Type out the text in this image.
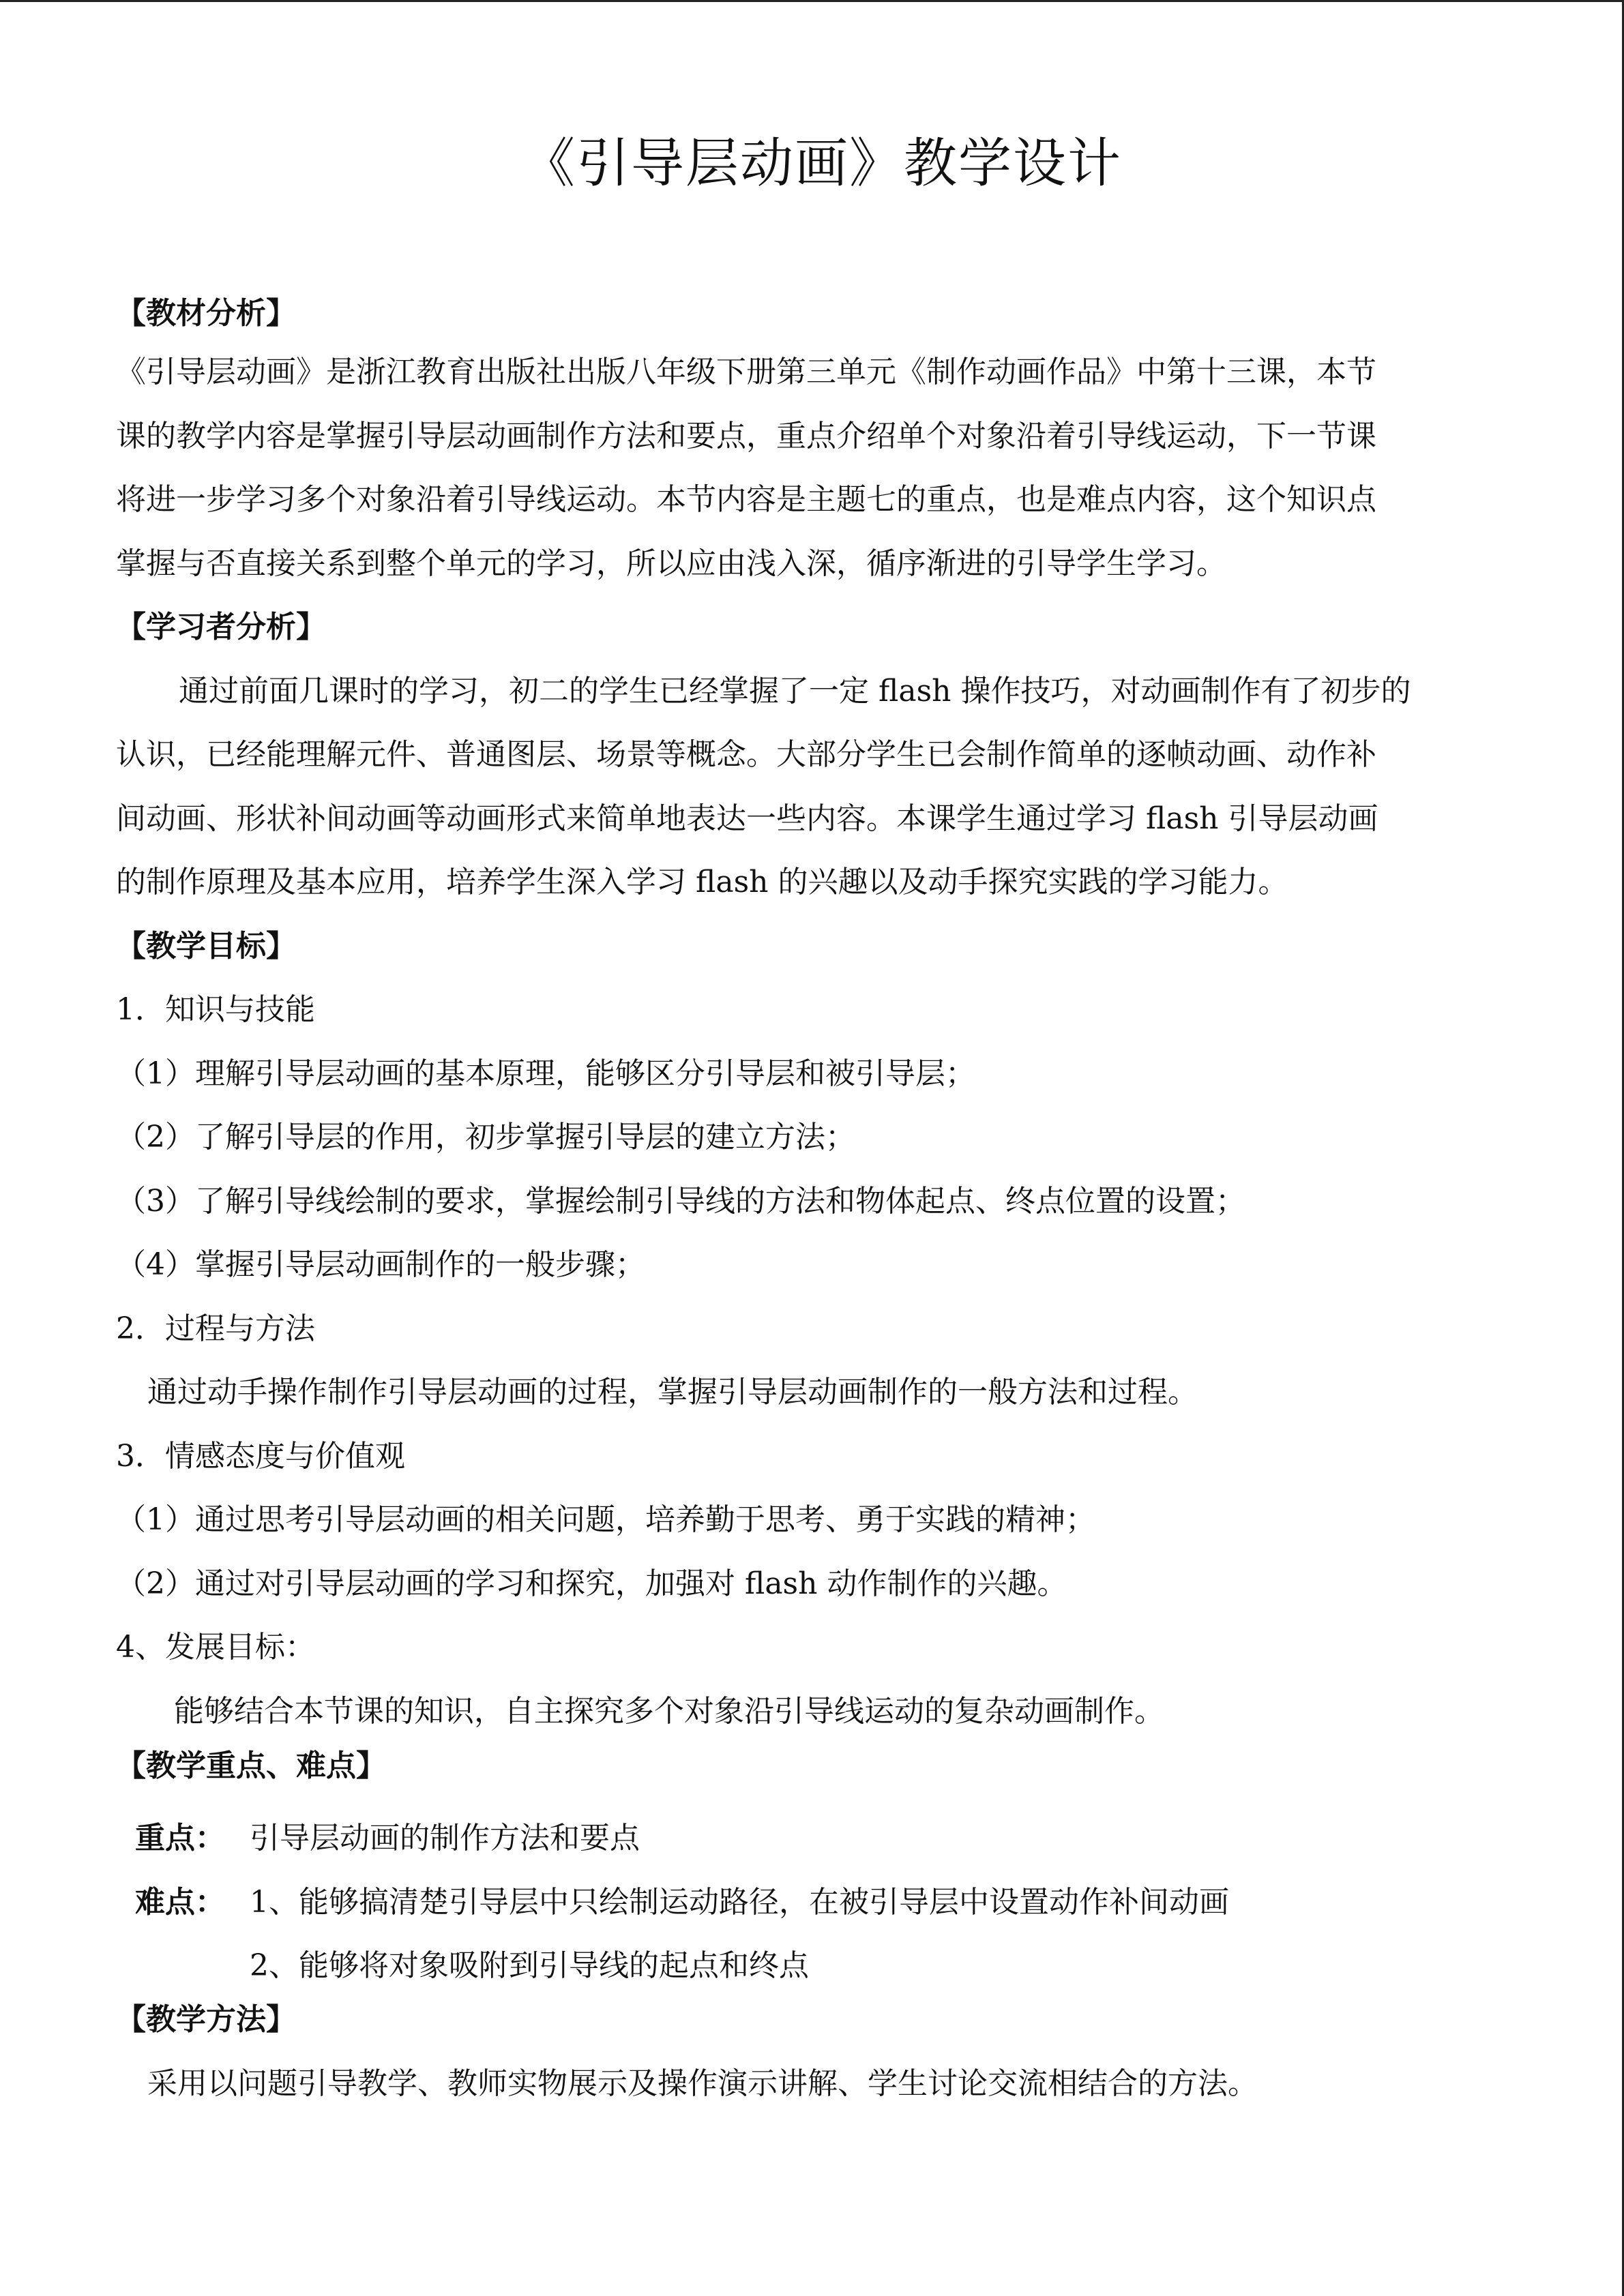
《引导层动画》教学设计
【教材分析】
《引导层动画》是浙江教育出版社出版八年级下册第三单元《制作动画作品》中第十三课，本节
课的教学内容是掌握引导层动画制作方法和要点，重点介绍单个对象沿着引导线运动，下一节课
将进一步学习多个对象沿着引导线运动。本节内容是主题七的重点，也是难点内容，这个知识点
掌握与否直接关系到整个单元的学习，所以应由浅入深，循序渐进的引导学生学习。
【学习者分析】
通过前面几课时的学习，初二的学生已经掌握了一定 flash 操作技巧，对动画制作有了初步的
认识，已经能理解元件、普通图层、场景等概念。大部分学生已会制作简单的逐帧动画、动作补
间动画、形状补间动画等动画形式来简单地表达一些内容。本课学生通过学习 flash 引导层动画
的制作原理及基本应用，培养学生深入学习 flash 的兴趣以及动手探究实践的学习能力。
【教学目标】
1．知识与技能
（1）理解引导层动画的基本原理，能够区分引导层和被引导层；
（2）了解引导层的作用，初步掌握引导层的建立方法；
（3）了解引导线绘制的要求，掌握绘制引导线的方法和物体起点、终点位置的设置；
（4）掌握引导层动画制作的一般步骤；
2．过程与方法
通过动手操作制作引导层动画的过程，掌握引导层动画制作的一般方法和过程。
3．情感态度与价值观
（1）通过思考引导层动画的相关问题，培养勤于思考、勇于实践的精神；
（2）通过对引导层动画的学习和探究，加强对 flash 动作制作的兴趣。
4、发展目标：
能够结合本节课的知识，自主探究多个对象沿引导线运动的复杂动画制作。
【教学重点、难点】
重点： 引导层动画的制作方法和要点
难点： 1、能够搞清楚引导层中只绘制运动路径，在被引导层中设置动作补间动画
2、能够将对象吸附到引导线的起点和终点
【教学方法】
采用以问题引导教学、教师实物展示及操作演示讲解、学生讨论交流相结合的方法。
